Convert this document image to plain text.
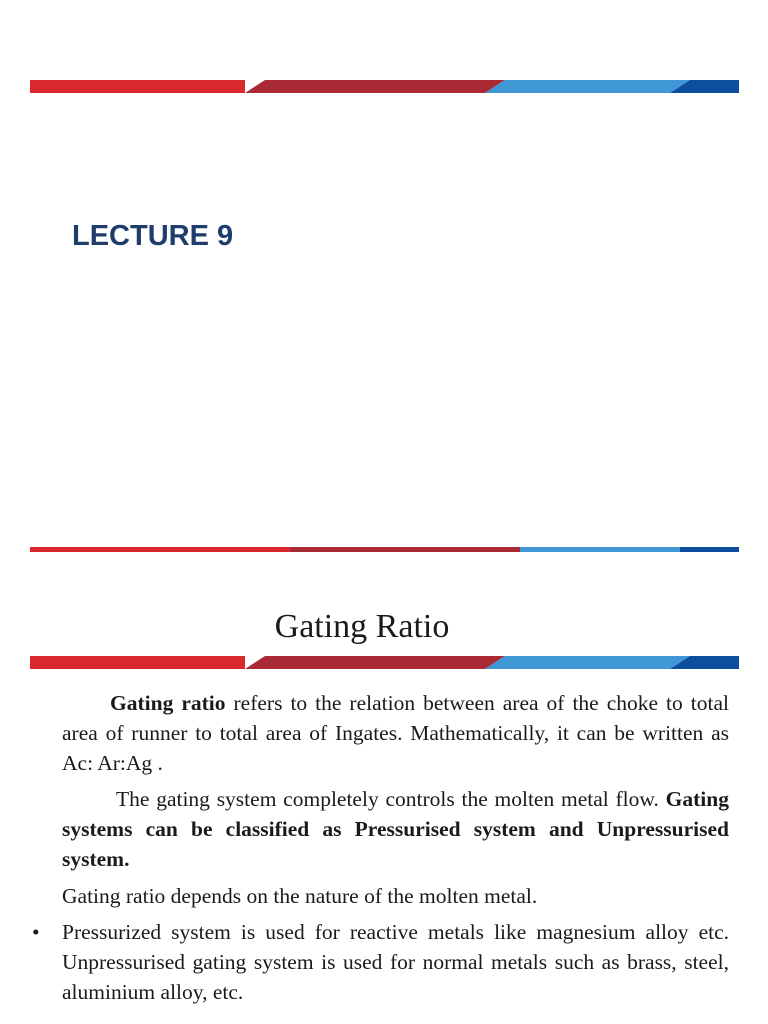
LECTURE 9
Gating Ratio

Gating ratio refers to the relation between area of the choke to total area of runner to total area of Ingates. Mathematically, it can be written as Ac: Ar:Ag .

The gating system completely controls the molten metal flow. Gating systems can be classified as Pressurised system and Unpressurised system.

Gating ratio depends on the nature of the molten metal.

• Pressurized system is used for reactive metals like magnesium alloy etc. Unpressurised gating system is used for normal metals such as brass, steel, aluminium alloy, etc.
